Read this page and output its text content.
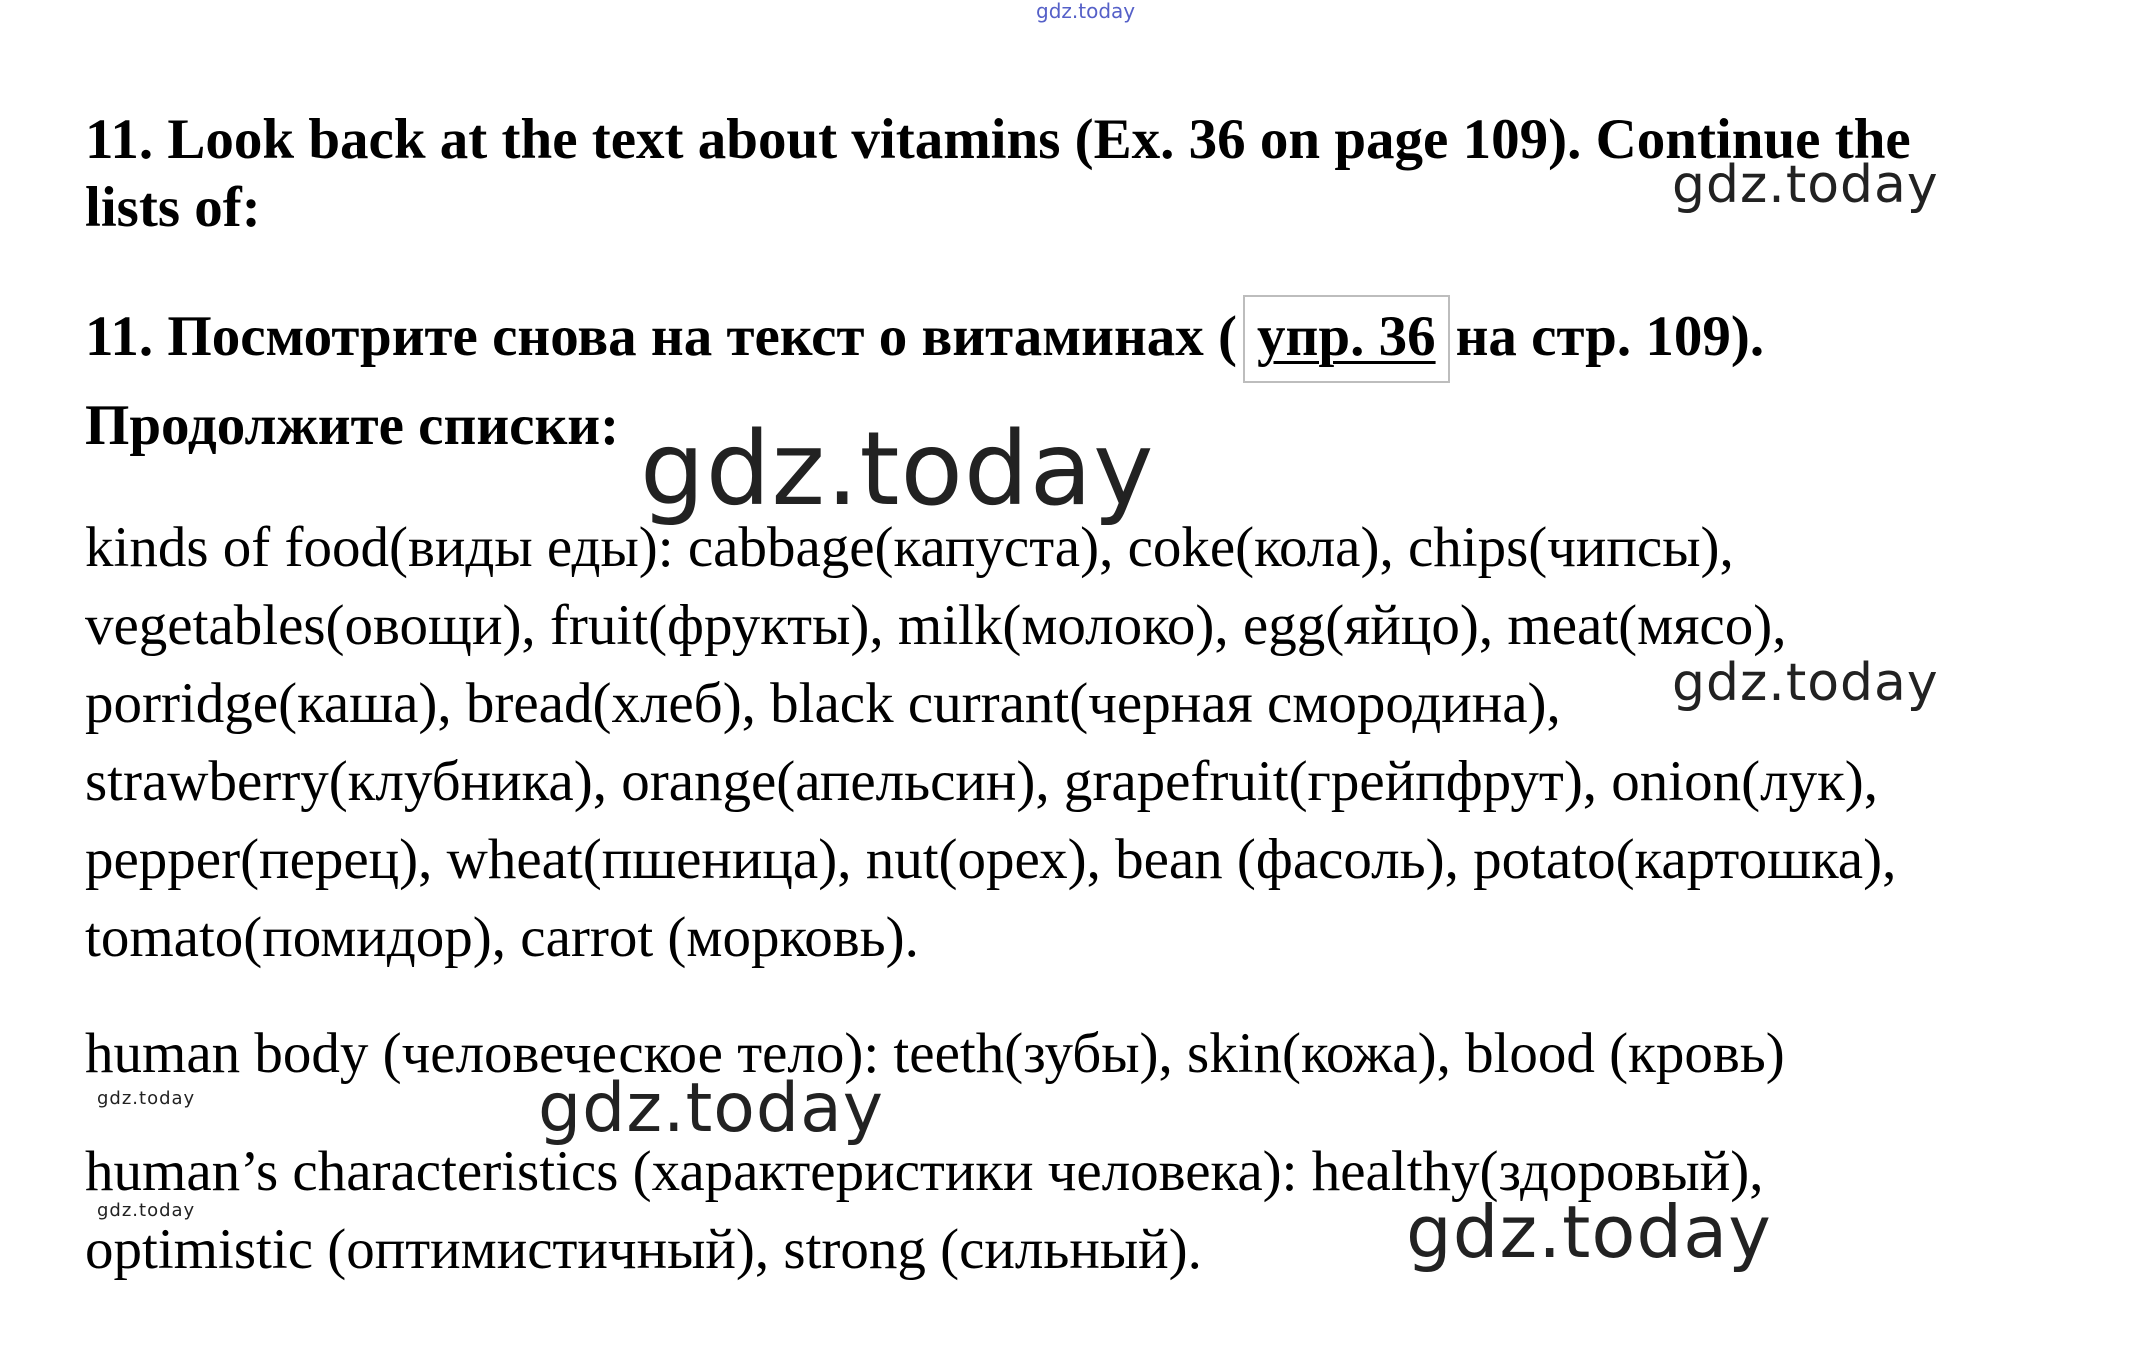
gdz.today
11. Look back at the text about vitamins (Ex. 36 on page 109). Continue the
lists of:	gdz.today
11. Посмотрите снова на текст о витаминах ( упр. 36 на стр. 109).
Продолжите списки: gdz.today
kinds of food(виды еды): cabbage(капуста), coke(кола), chips(чипсы),
vegetables(овощи), fruit(фрукты), milk(молоко), egg(яйцо), meat(мясо),
porridge(каша), bread(хлеб), black currant(черная смородина),
strawberry(клубника), orange(апельсин), grapefruit(грейпфрут), onion(лук),
pepper(перец), wheat(пшеница), nut(орех), bean (фасоль), potato(картошка),
tomato(помидор), carrot (морковь).
gdz.today
human body (человеческое тело): teeth(зубы), skin(кожа), blood (кровь)
gdz.today	gdz.today
human’s characteristics (характеристики человека): healthy(здоровый),
gdz.today
optimistic (оптимистичный), strong (сильный).	gdz.today
